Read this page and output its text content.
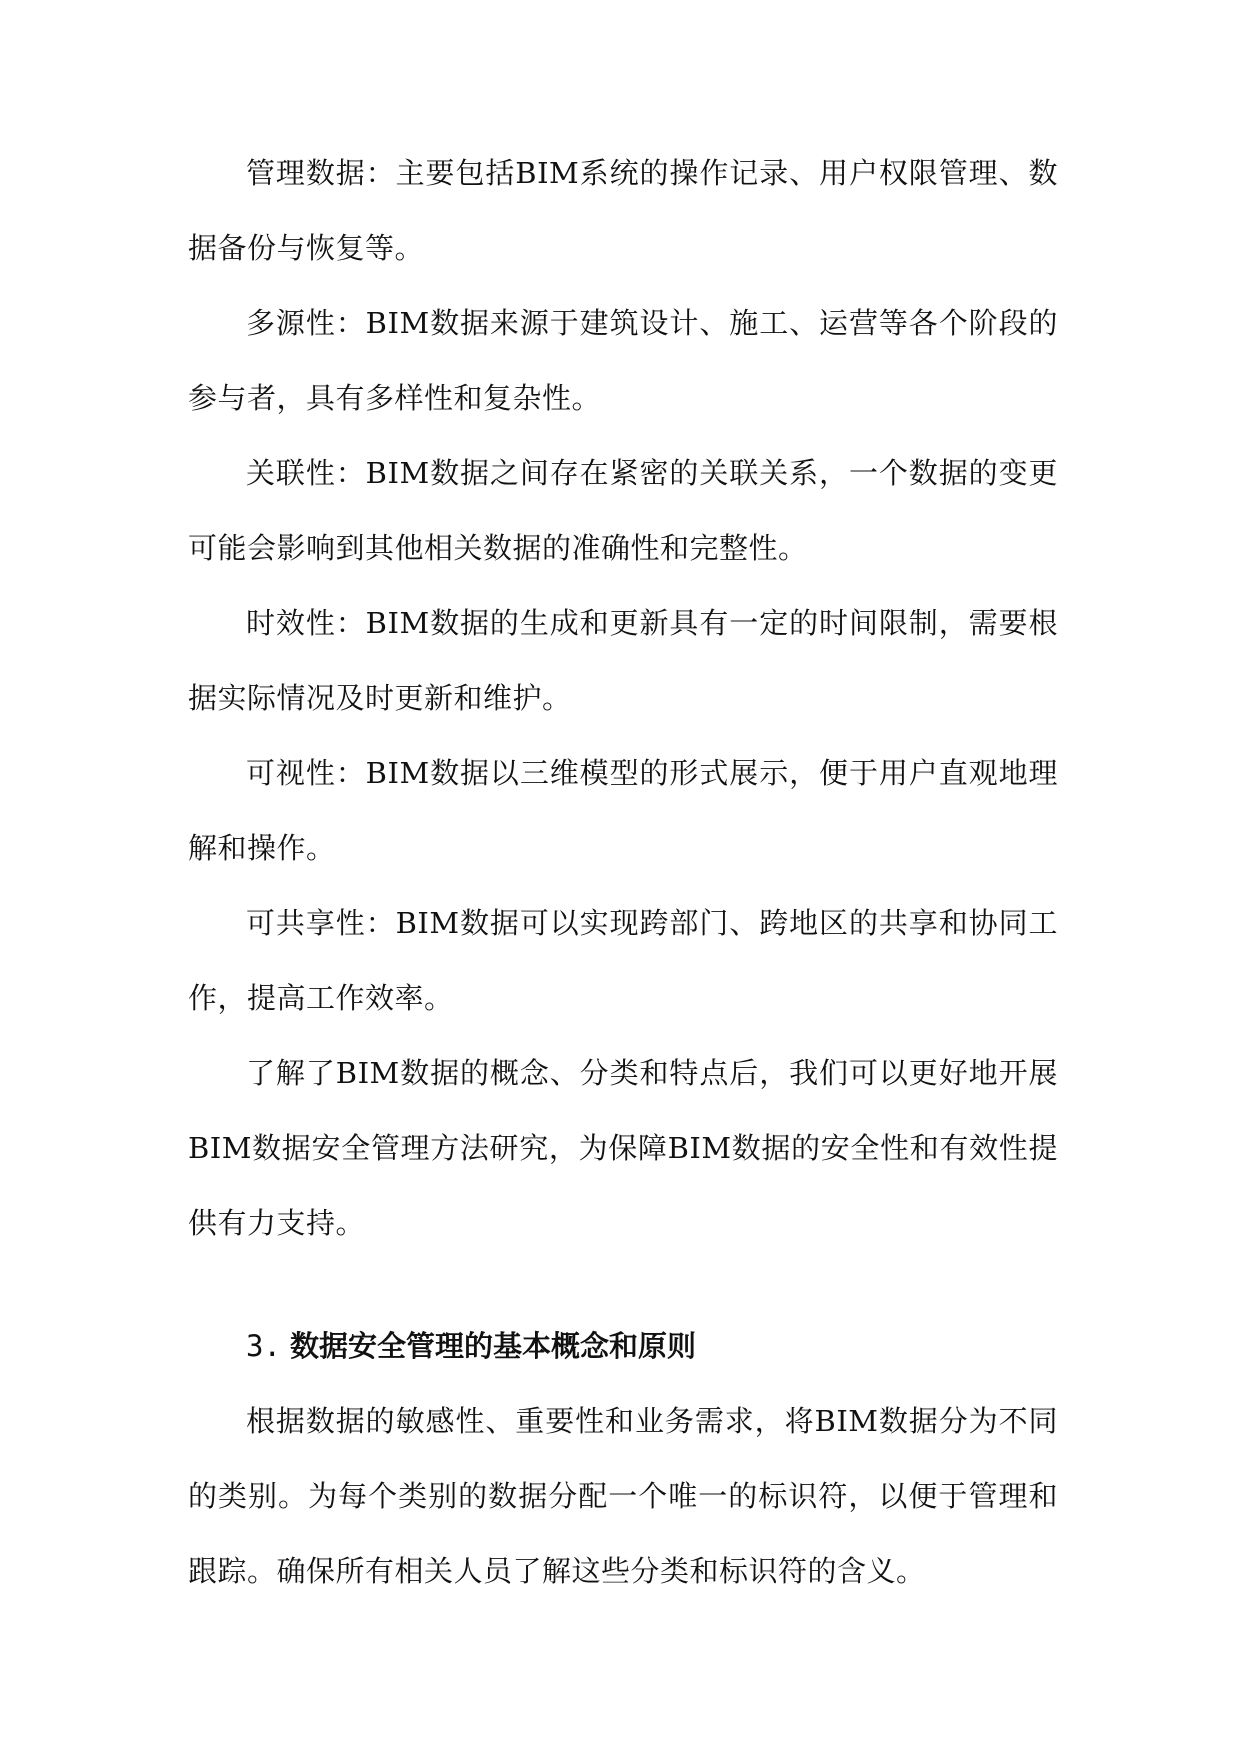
管理数据：主要包括BIM系统的操作记录、用户权限管理、数据备份与恢复等。

多源性：BIM数据来源于建筑设计、施工、运营等各个阶段的参与者，具有多样性和复杂性。

关联性：BIM数据之间存在紧密的关联关系，一个数据的变更可能会影响到其他相关数据的准确性和完整性。

时效性：BIM数据的生成和更新具有一定的时间限制，需要根据实际情况及时更新和维护。

可视性：BIM数据以三维模型的形式展示，便于用户直观地理解和操作。

可共享性：BIM数据可以实现跨部门、跨地区的共享和协同工作，提高工作效率。

了解了BIM数据的概念、分类和特点后，我们可以更好地开展BIM数据安全管理方法研究，为保障BIM数据的安全性和有效性提供有力支持。

3. 数据安全管理的基本概念和原则

根据数据的敏感性、重要性和业务需求，将BIM数据分为不同的类别。为每个类别的数据分配一个唯一的标识符，以便于管理和跟踪。确保所有相关人员了解这些分类和标识符的含义。
